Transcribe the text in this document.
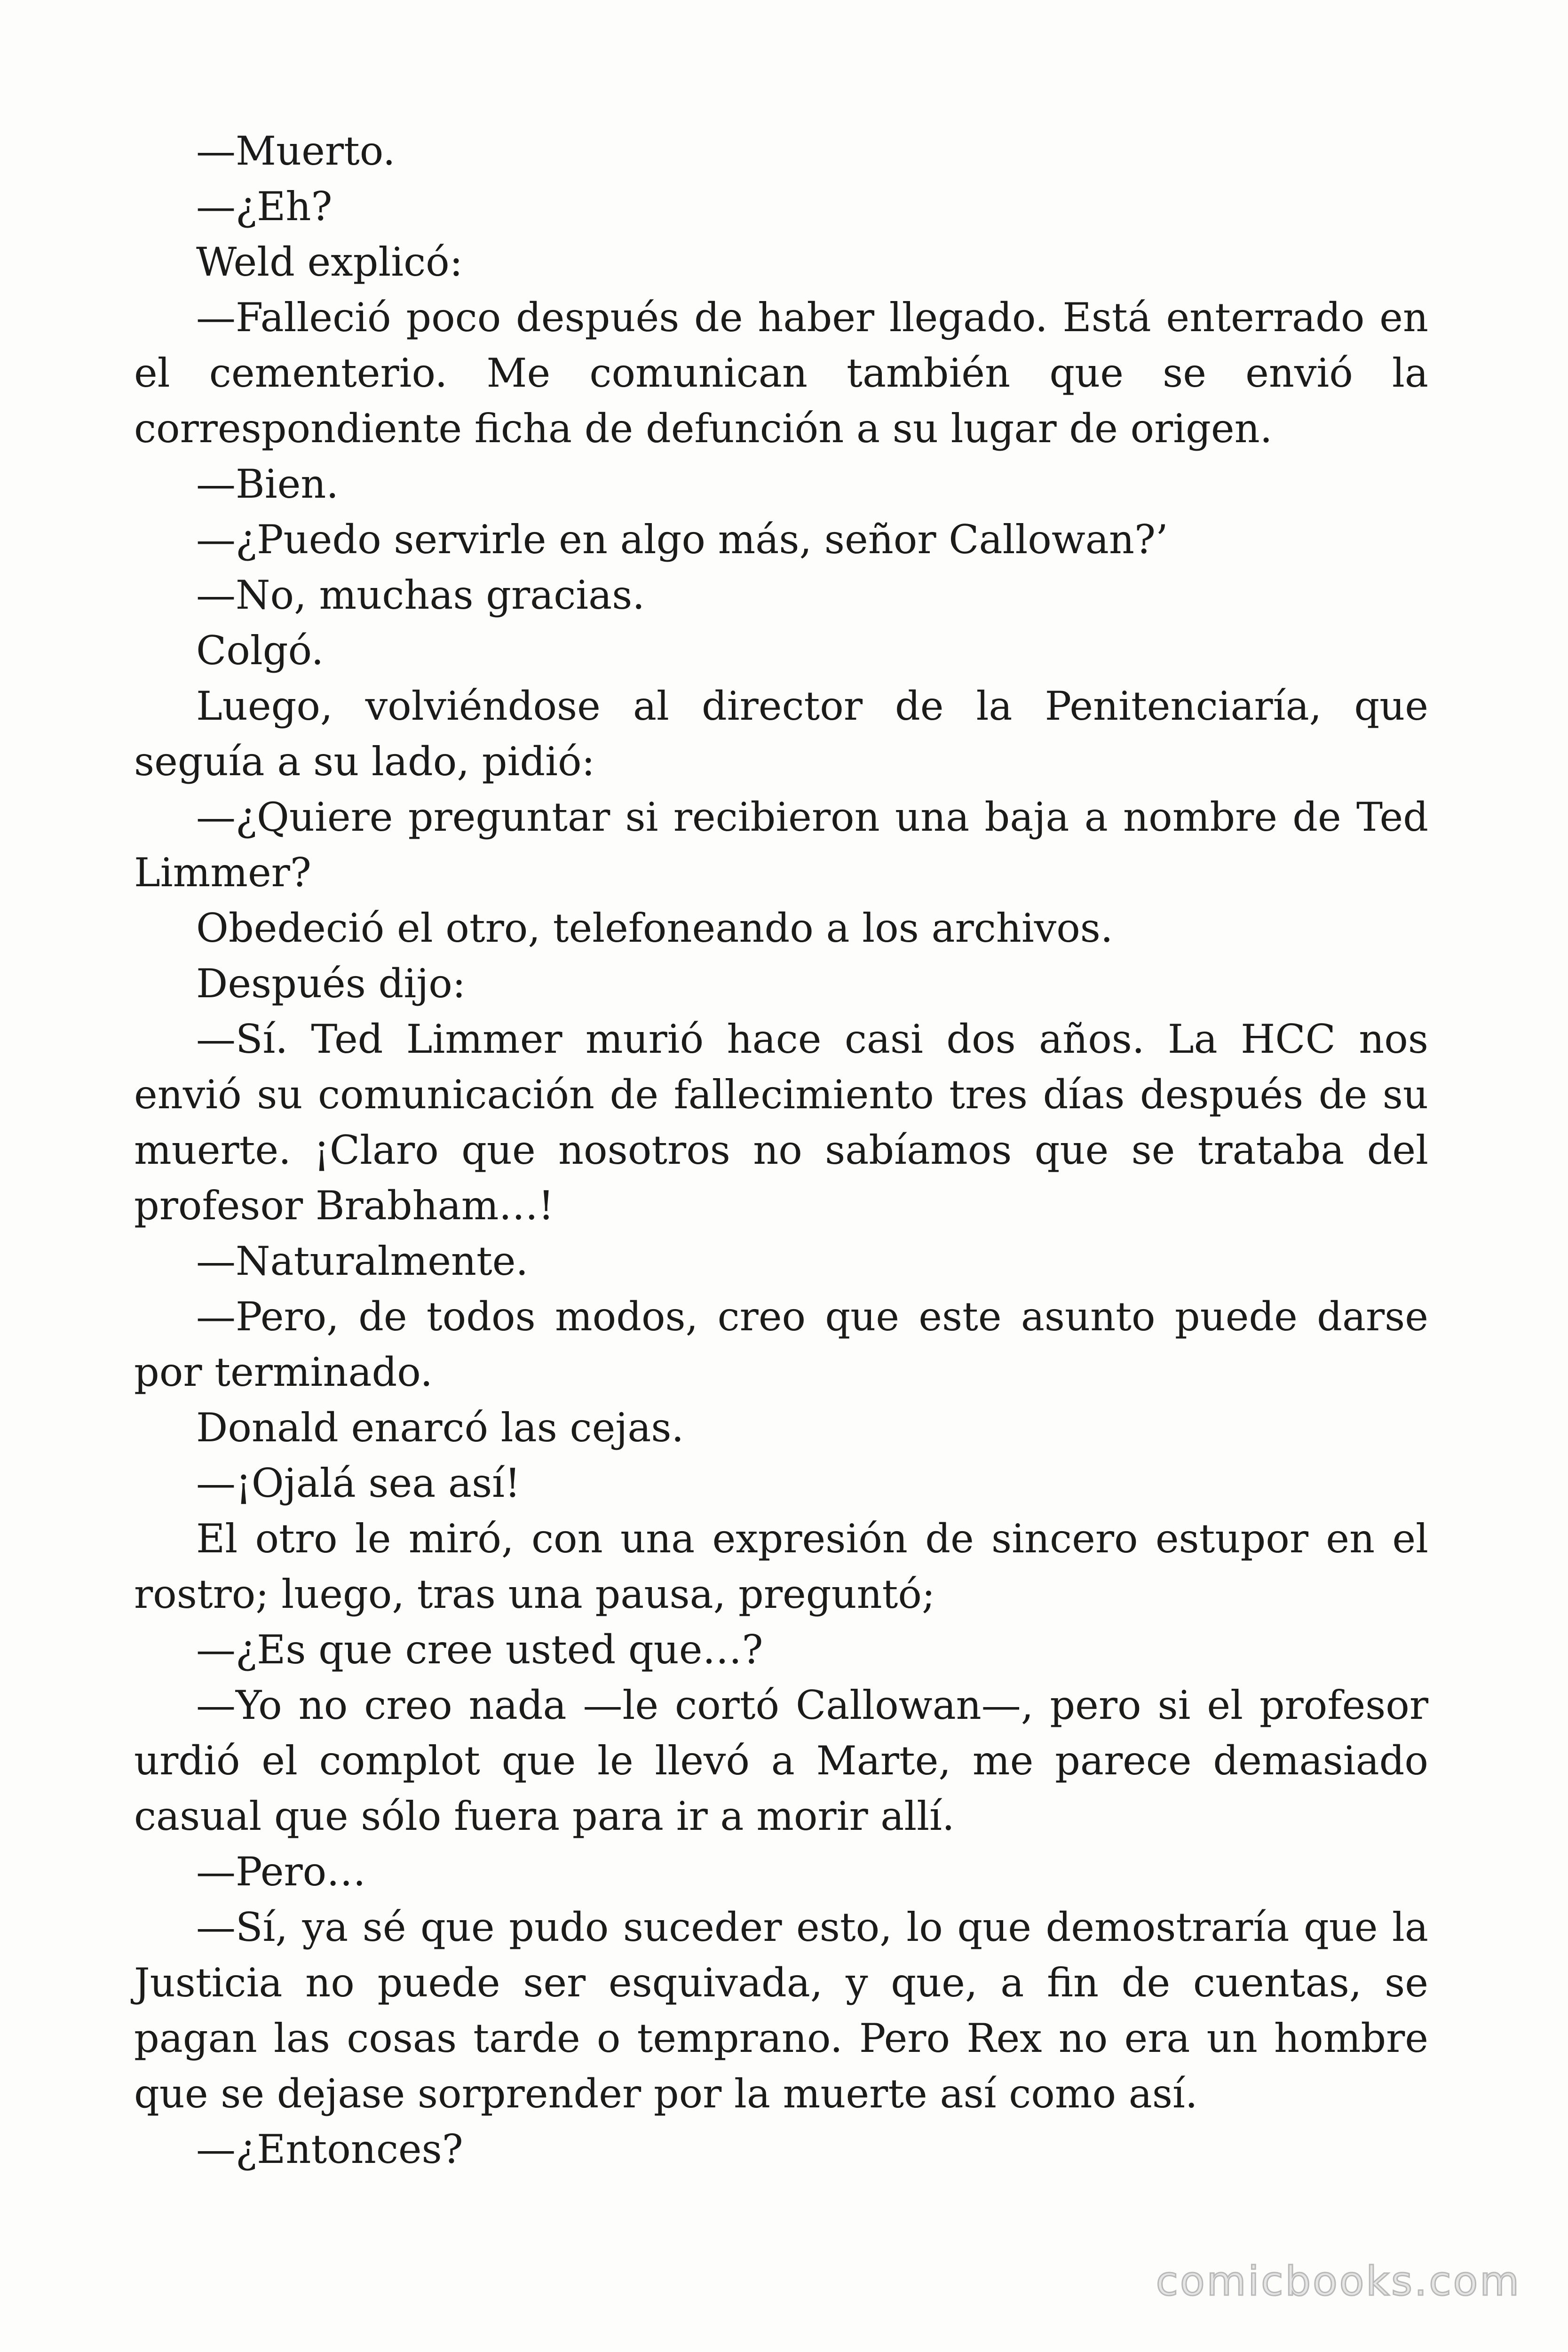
—Muerto.

—¿Eh?

Weld explicó:

—Falleció poco después de haber llegado. Está enterrado en el cementerio. Me comunican también que se envió la correspondiente ficha de defunción a su lugar de origen.

—Bien.

—¿Puedo servirle en algo más, señor Callowan?’

—No, muchas gracias.

Colgó.

Luego, volviéndose al director de la Penitenciaría, que seguía a su lado, pidió:

—¿Quiere preguntar si recibieron una baja a nombre de Ted Limmer?

Obedeció el otro, telefoneando a los archivos.

Después dijo:

—Sí. Ted Limmer murió hace casi dos años. La HCC nos envió su comunicación de fallecimiento tres días después de su muerte. ¡Claro que nosotros no sabíamos que se trataba del profesor Brabham…!

—Naturalmente.

—Pero, de todos modos, creo que este asunto puede darse por terminado.

Donald enarcó las cejas.

—¡Ojalá sea así!

El otro le miró, con una expresión de sincero estupor en el rostro; luego, tras una pausa, preguntó;

—¿Es que cree usted que…?

—Yo no creo nada —le cortó Callowan—, pero si el profesor urdió el complot que le llevó a Marte, me parece demasiado casual que sólo fuera para ir a morir allí.

—Pero…

—Sí, ya sé que pudo suceder esto, lo que demostraría que la Justicia no puede ser esquivada, y que, a fin de cuentas, se pagan las cosas tarde o temprano. Pero Rex no era un hombre que se dejase sorprender por la muerte así como así.

—¿Entonces?

comicbooks.com
